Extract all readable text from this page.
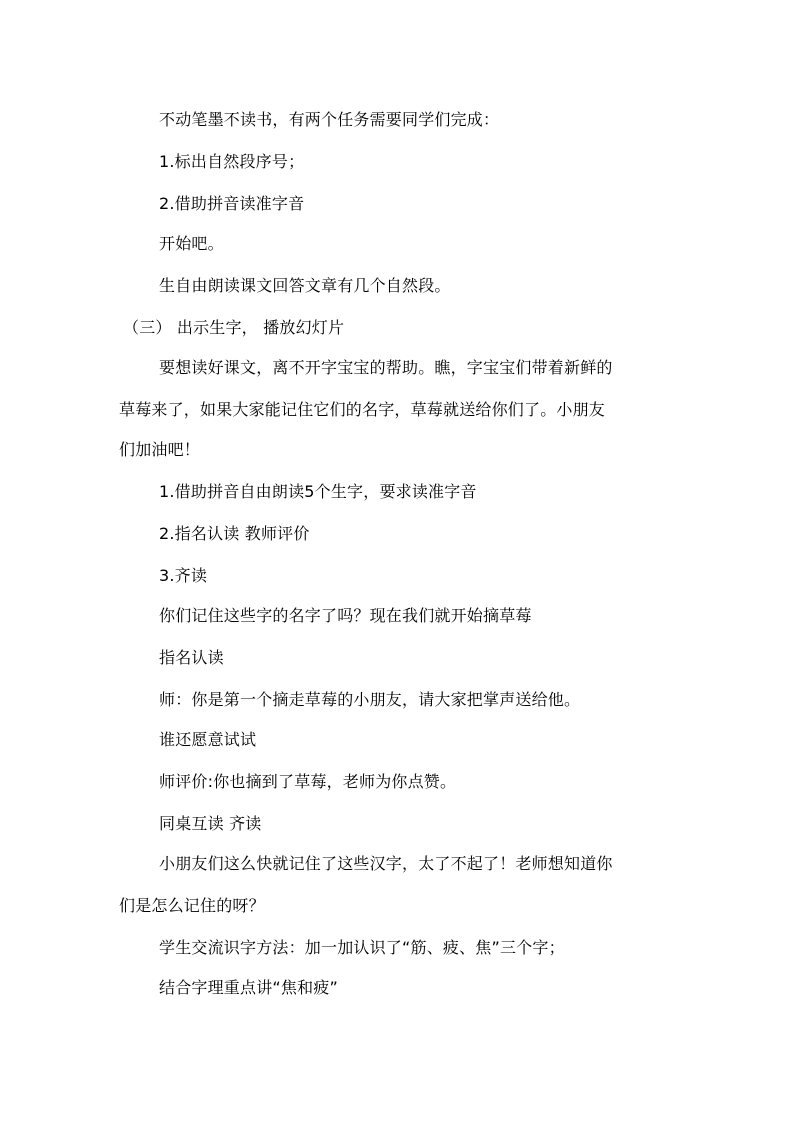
不动笔墨不读书，有两个任务需要同学们完成：
1.标出自然段序号；
2.借助拼音读准字音
开始吧。
生自由朗读课文回答文章有几个自然段。
（三） 出示生字， 播放幻灯片
要想读好课文，离不开字宝宝的帮助。瞧，字宝宝们带着新鲜的
草莓来了，如果大家能记住它们的名字，草莓就送给你们了。小朋友
们加油吧！
1.借助拼音自由朗读5个生字，要求读准字音
2.指名认读 教师评价
3.齐读
你们记住这些字的名字了吗？现在我们就开始摘草莓
指名认读
师：你是第一个摘走草莓的小朋友，请大家把掌声送给他。
谁还愿意试试
师评价:你也摘到了草莓，老师为你点赞。
同桌互读 齐读
小朋友们这么快就记住了这些汉字，太了不起了！老师想知道你
们是怎么记住的呀？
学生交流识字方法：加一加认识了“筋、疲、焦”三个字；
结合字理重点讲“焦和疲”
